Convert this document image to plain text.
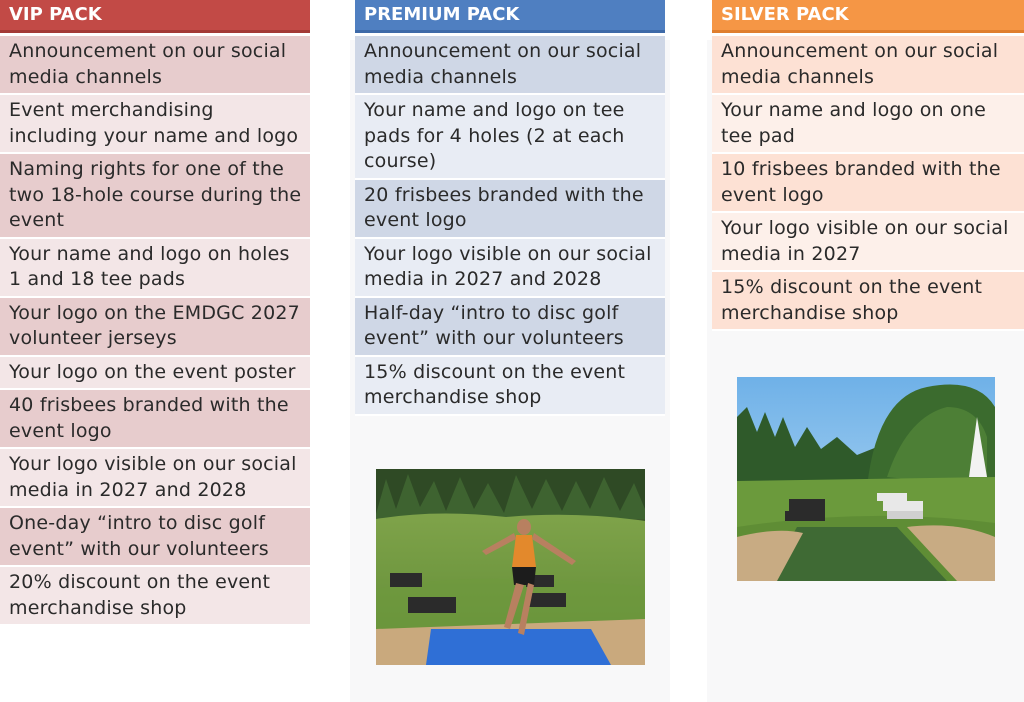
VIP PACK
Announcement on our social media channels
Event merchandising including your name and logo
Naming rights for one of the two 18-hole course during the event
Your name and logo on holes 1 and 18 tee pads
Your logo on the EMDGC 2027 volunteer jerseys
Your logo on the event poster
40 frisbees branded with the event logo
Your logo visible on our social media in 2027 and 2028
One-day “intro to disc golf event” with our volunteers
20% discount on the event merchandise shop
PREMIUM PACK
Announcement on our social media channels
Your name and logo on tee pads for 4 holes (2 at each course)
20 frisbees branded with the event logo
Your logo visible on our social media in 2027 and 2028
Half-day “intro to disc golf event” with our volunteers
15% discount on the event merchandise shop
SILVER PACK
Announcement on our social media channels
Your name and logo on one tee pad
10 frisbees branded with the event logo
Your logo visible on our social media in 2027
15% discount on the event merchandise shop
